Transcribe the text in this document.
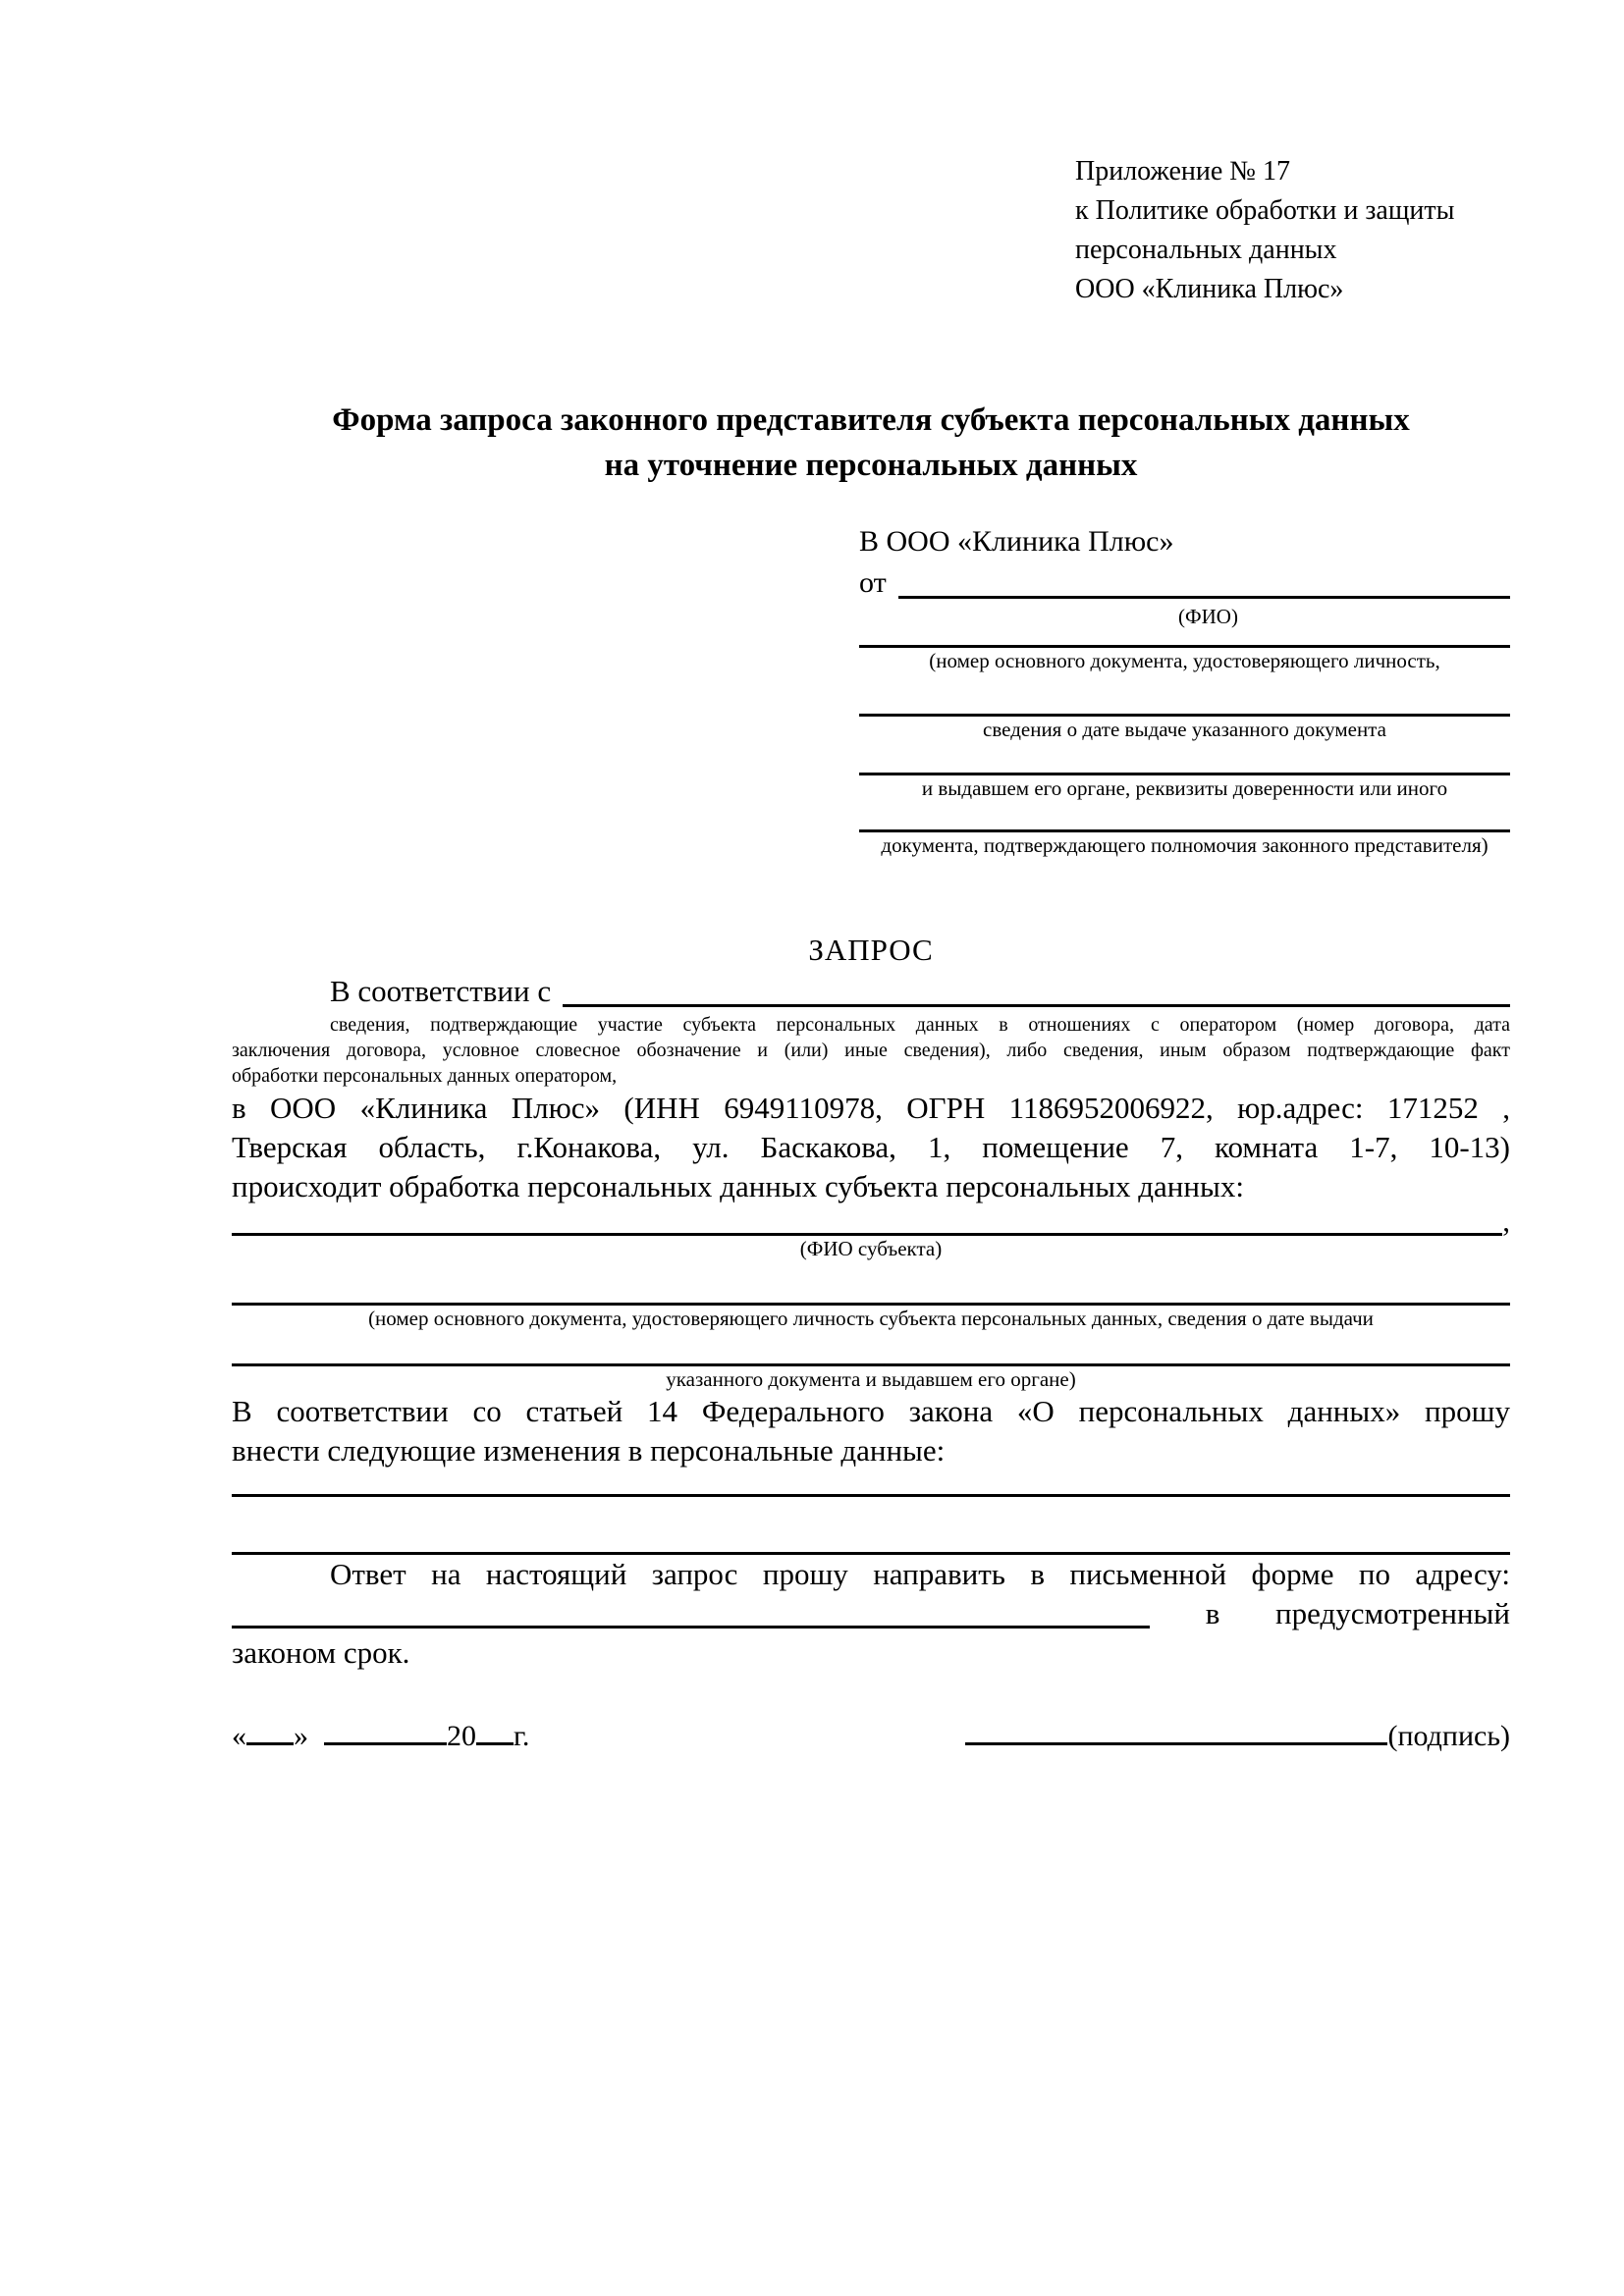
Приложение № 17
к Политике обработки и защиты
персональных данных
ООО «Клиника Плюс»
Форма запроса законного представителя субъекта персональных данных
на уточнение персональных данных
В ООО «Клиника Плюс»
от
(ФИО)
(номер основного документа, удостоверяющего личность,
сведения о дате выдаче указанного документа
и выдавшем его органе, реквизиты доверенности или иного
документа, подтверждающего полномочия законного представителя)
ЗАПРОС
В соответствии с
сведения, подтверждающие участие субъекта персональных данных в отношениях с оператором (номер договора, дата
заключения договора, условное словесное обозначение и (или) иные сведения), либо сведения, иным образом подтверждающие факт
обработки персональных данных оператором,
в ООО «Клиника Плюс» (ИНН 6949110978, ОГРН 1186952006922, юр.адрес: 171252 ,
Тверская область, г.Конакова, ул. Баскакова, 1, помещение 7, комната 1-7, 10-13)
происходит обработка персональных данных субъекта персональных данных:
,
(ФИО субъекта)
(номер основного документа, удостоверяющего личность субъекта персональных данных, сведения о дате выдачи
указанного документа и выдавшем его органе)
В соответствии со статьей 14 Федерального закона «О персональных данных» прошу
внести следующие изменения в персональные данные:
Ответ на настоящий запрос прошу направить в письменной форме по адресу:
в предусмотренный
законом срок.
« »	20 г.	(подпись)
